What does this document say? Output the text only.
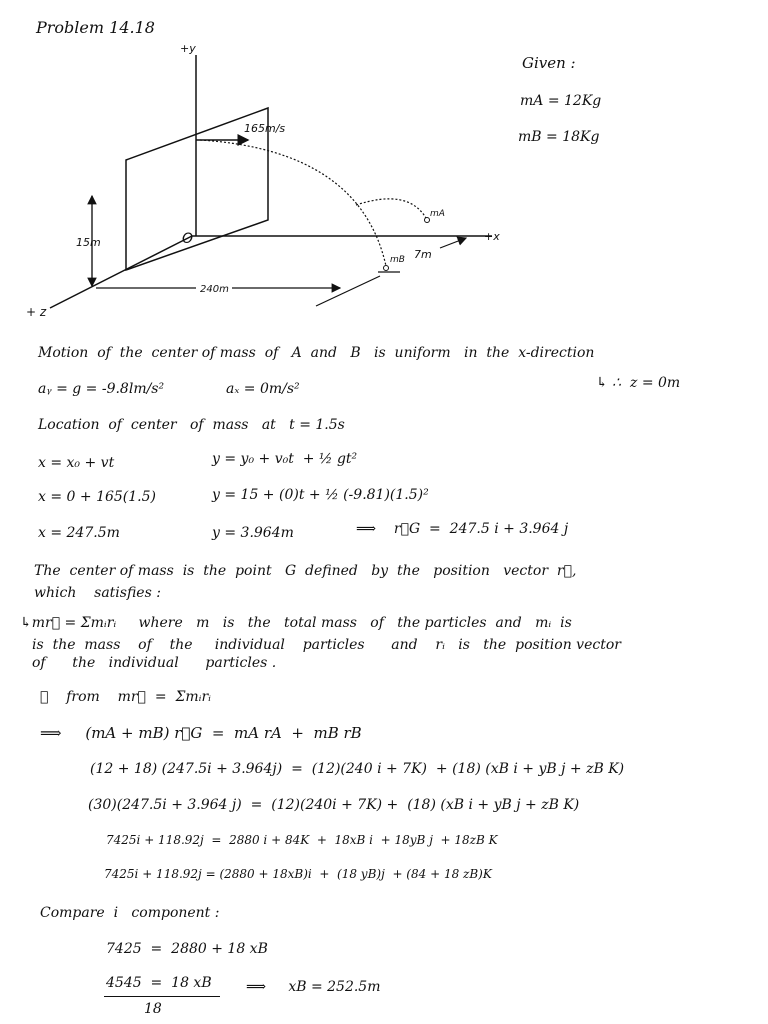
+y
+x
+ z
165m/s
15m	O
240m
mA
mB 7m
Problem 14.18
Given :
mA = 12Kg
mB = 18Kg
Motion  of  the  center of mass  of   A  and   B   is  uniform   in  the  x-direction
aᵧ = g = -9.8lm/s²	aₓ = 0m/s²	↳ ∴  z = 0m
Location  of  center   of  mass   at   t = 1.5s
x = x₀ + vt	y = y₀ + v₀t  + ½ gt²
x = 0 + 165(1.5)	y = 15 + (0)t + ½ (-9.81)(1.5)²
x = 247.5m	y = 3.964m	⟹    r⃗G  =  247.5 i + 3.964 j
The  center of mass  is  the  point   G  defined   by  the   position   vector  r⃗,
which    satisfies :
↳mr⃗ = Σmᵢrᵢ     where   m   is   the   total mass   of   the particles  and   mᵢ  is
is  the  mass    of    the     individual    particles      and    rᵢ   is   the  position vector
of      the   individual      particles .
∴    from    mr⃗  =  Σmᵢrᵢ
⟹     (mA + mB) r⃗G  =  mA rA  +  mB rB
(12 + 18) (247.5i + 3.964j)  =  (12)(240 i + 7K)  + (18) (xB i + yB j + zB K)
(30)(247.5i + 3.964 j)  =  (12)(240i + 7K) +  (18) (xB i + yB j + zB K)
7425i + 118.92j  =  2880 i + 84K  +  18xB i  + 18yB j  + 18zB K
7425i + 118.92j = (2880 + 18xB)i  +  (18 yB)j  + (84 + 18 zB)K
Compare  i   component :
7425  =  2880 + 18 xB
4545  =  18 xB
18
⟹     xB = 252.5m
